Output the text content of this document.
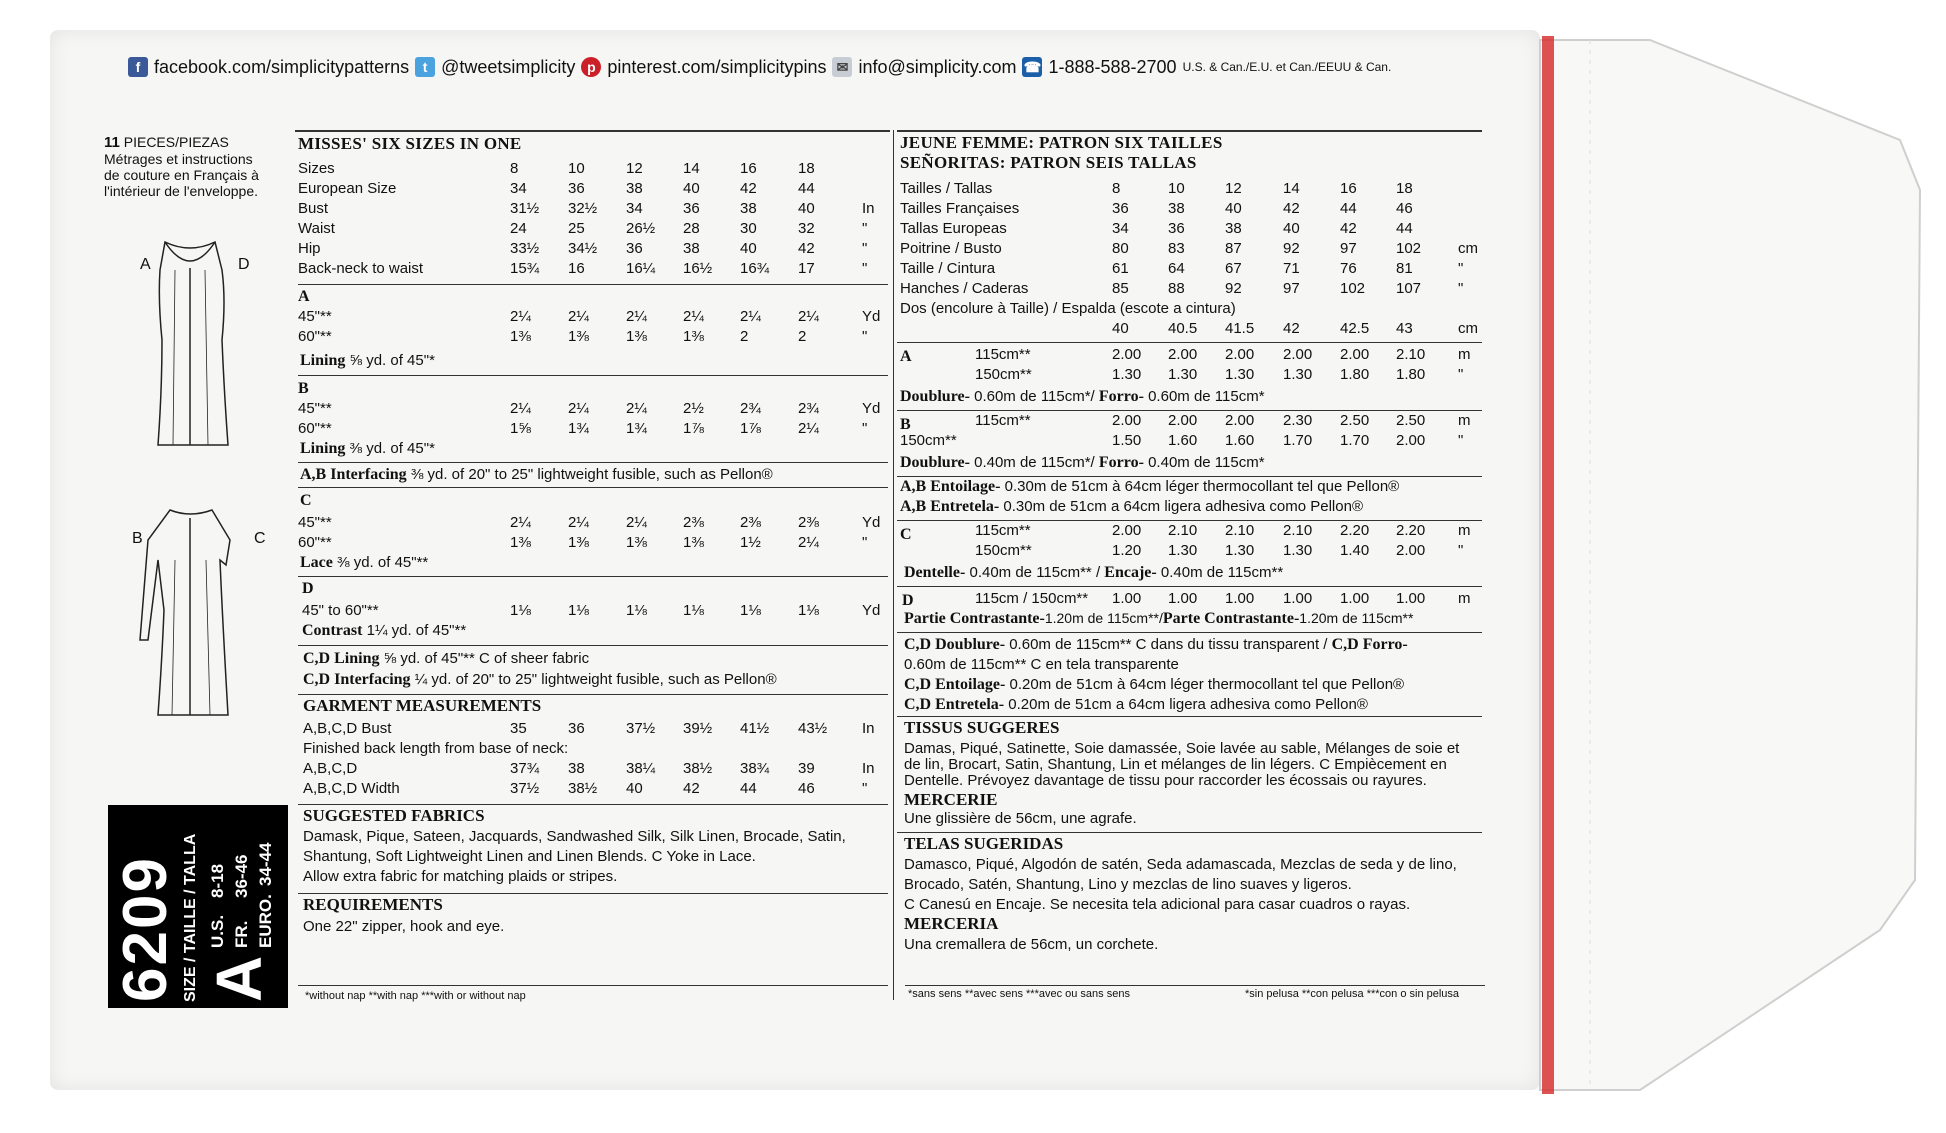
f facebook.com/simplicitypatterns t @tweetsimplicity p pinterest.com/simplicitypins ✉ info@simplicity.com ☎ 1-888-588-2700 U.S. & Can./E.U. et Can./EEUU & Can.
11 PIECES/PIEZAS
Métrages et instructions
de couture en Français à
l'intérieur de l'enveloppe.
A	D
B	C
6209 SIZE / TAILLE / TALLA A
U.S.
8-18
FR.
36-46
EURO.
34-44
MISSES' SIX SIZES IN ONE
Sizes	8	10	12	14	16	18
European Size	34	36	38	40	42	44
Bust	31½ 32½ 34	36	38	40	In
Waist	24	25	26½ 28	30	32	"
Hip	33½ 34½ 36	38	40	42	"
Back-neck to waist	15¾ 16	16¼ 16½ 16¾ 17	"
A
45"**	2¼ 2¼ 2¼ 2¼ 2¼ 2¼	Yd
60"**	1⅜ 1⅜ 1⅜ 1⅜ 2	2	"
Lining ⅝ yd. of 45"*
B
45"**	2¼ 2¼ 2¼ 2½ 2¾ 2¾	Yd
60"**	1⅝ 1¾ 1¾ 1⅞ 1⅞ 2¼	"
Lining ⅜ yd. of 45"*
A,B Interfacing ⅜ yd. of 20" to 25" lightweight fusible, such as Pellon®
C
45"**	2¼ 2¼ 2¼ 2⅜ 2⅜ 2⅜	Yd
60"**	1⅜ 1⅜ 1⅜ 1⅜ 1½ 2¼	"
Lace ⅜ yd. of 45"**
D
45" to 60"**	1⅛ 1⅛ 1⅛ 1⅛ 1⅛ 1⅛	Yd
Contrast 1¼ yd. of 45"**
C,D Lining ⅝ yd. of 45"** C of sheer fabric
C,D Interfacing ¼ yd. of 20" to 25" lightweight fusible, such as Pellon®
GARMENT MEASUREMENTS
A,B,C,D Bust	35	36	37½ 39½ 41½ 43½ In
Finished back length from base of neck:
A,B,C,D	37¾ 38	38¼ 38½ 38¾ 39	In
A,B,C,D Width	37½ 38½ 40	42	44	46	"
SUGGESTED FABRICS
Damask, Pique, Sateen, Jacquards, Sandwashed Silk, Silk Linen, Brocade, Satin,
Shantung, Soft Lightweight Linen and Linen Blends. C Yoke in Lace.
Allow extra fabric for matching plaids or stripes.
REQUIREMENTS
One 22" zipper, hook and eye.
JEUNE FEMME: PATRON SIX TAILLES
SEÑORITAS: PATRON SEIS TALLAS
Tailles / Tallas	8	10	12	14	16	18
Tailles Françaises	36	38	40	42	44	46
Tallas Europeas	34	36	38	40	42	44
Poitrine / Busto	80	83	87	92	97	102 cm
Taille / Cintura	61	64	67	71	76	81	"
Hanches / Caderas	85	88	92	97	102 107 "
Dos (encolure à Taille) / Espalda (escote a cintura)
40	40.5 41.5 42	42.5 43	cm
A	115cm**	2.00 2.00 2.00 2.00 2.00 2.10 m
150cm**	1.30 1.30 1.30 1.30 1.80 1.80 "
Doublure- 0.60m de 115cm*/ Forro- 0.60m de 115cm*
B	115cm**	2.00 2.00 2.00 2.30 2.50 2.50 m
150cm**	1.50 1.60 1.60 1.70 1.70 2.00 "
Doublure- 0.40m de 115cm*/ Forro- 0.40m de 115cm*
A,B Entoilage- 0.30m de 51cm à 64cm léger thermocollant tel que Pellon®
A,B Entretela- 0.30m de 51cm a 64cm ligera adhesiva como Pellon®
C	115cm**	2.00 2.10 2.10 2.10 2.20 2.20 m
150cm**	1.20 1.30 1.30 1.30 1.40 2.00 "
Dentelle- 0.40m de 115cm** / Encaje- 0.40m de 115cm**
D	115cm / 150cm** 1.00 1.00 1.00 1.00 1.00 1.00 m
Partie Contrastante-1.20m de 115cm**/Parte Contrastante-1.20m de 115cm**
C,D Doublure- 0.60m de 115cm** C dans du tissu transparent / C,D Forro-
0.60m de 115cm** C en tela transparente
C,D Entoilage- 0.20m de 51cm à 64cm léger thermocollant tel que Pellon®
C,D Entretela- 0.20m de 51cm a 64cm ligera adhesiva como Pellon®
TISSUS SUGGERES
Damas, Piqué, Satinette, Soie damassée, Soie lavée au sable, Mélanges de soie et
de lin, Brocart, Satin, Shantung, Lin et mélanges de lin légers. C Empiècement en
Dentelle. Prévoyez davantage de tissu pour raccorder les écossais ou rayures.
MERCERIE
Une glissière de 56cm, une agrafe.
TELAS SUGERIDAS
Damasco, Piqué, Algodón de satén, Seda adamascada, Mezclas de seda y de lino,
Brocado, Satén, Shantung, Lino y mezclas de lino suaves y ligeros.
C Canesú en Encaje. Se necesita tela adicional para casar cuadros o rayas.
MERCERIA
Una cremallera de 56cm, un corchete.
*without nap **with nap ***with or without nap	*sans sens **avec sens ***avec ou sans sens	*sin pelusa **con pelusa ***con o sin pelusa
